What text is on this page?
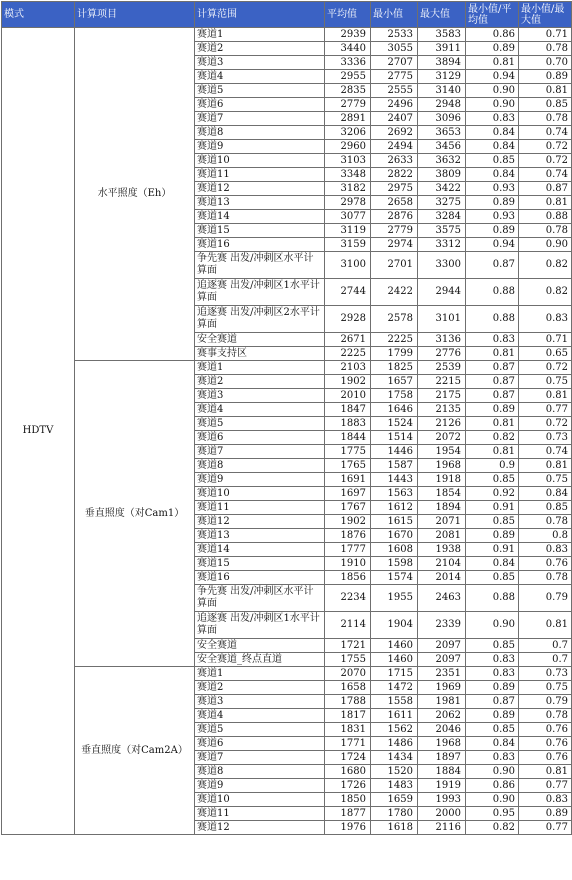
模式	计算项目	计算范围	平均值	最小值	最大值	最小值/平均值	最小值/最大值
HDTV	水平照度（Eh）	赛道1	2939	2533	3583	0.86	0.71
		赛道2	3440	3055	3911	0.89	0.78
		赛道3	3336	2707	3894	0.81	0.70
		赛道4	2955	2775	3129	0.94	0.89
		赛道5	2835	2555	3140	0.90	0.81
		赛道6	2779	2496	2948	0.90	0.85
		赛道7	2891	2407	3096	0.83	0.78
		赛道8	3206	2692	3653	0.84	0.74
		赛道9	2960	2494	3456	0.84	0.72
		赛道10	3103	2633	3632	0.85	0.72
		赛道11	3348	2822	3809	0.84	0.74
		赛道12	3182	2975	3422	0.93	0.87
		赛道13	2978	2658	3275	0.89	0.81
		赛道14	3077	2876	3284	0.93	0.88
		赛道15	3119	2779	3575	0.89	0.78
		赛道16	3159	2974	3312	0.94	0.90
		争先赛 出发/冲刺区水平计算面	3100	2701	3300	0.87	0.82
		追逐赛 出发/冲刺区1水平计算面	2744	2422	2944	0.88	0.82
		追逐赛 出发/冲刺区2水平计算面	2928	2578	3101	0.88	0.83
		安全赛道	2671	2225	3136	0.83	0.71
		赛事支持区	2225	1799	2776	0.81	0.65
	垂直照度（对Cam1）	赛道1	2103	1825	2539	0.87	0.72
		赛道2	1902	1657	2215	0.87	0.75
		赛道3	2010	1758	2175	0.87	0.81
		赛道4	1847	1646	2135	0.89	0.77
		赛道5	1883	1524	2126	0.81	0.72
		赛道6	1844	1514	2072	0.82	0.73
		赛道7	1775	1446	1954	0.81	0.74
		赛道8	1765	1587	1968	0.9	0.81
		赛道9	1691	1443	1918	0.85	0.75
		赛道10	1697	1563	1854	0.92	0.84
		赛道11	1767	1612	1894	0.91	0.85
		赛道12	1902	1615	2071	0.85	0.78
		赛道13	1876	1670	2081	0.89	0.8
		赛道14	1777	1608	1938	0.91	0.83
		赛道15	1910	1598	2104	0.84	0.76
		赛道16	1856	1574	2014	0.85	0.78
		争先赛 出发/冲刺区水平计算面	2234	1955	2463	0.88	0.79
		追逐赛 出发/冲刺区1水平计算面	2114	1904	2339	0.90	0.81
		安全赛道	1721	1460	2097	0.85	0.7
		安全赛道_终点直道	1755	1460	2097	0.83	0.7
	垂直照度（对Cam2A）	赛道1	2070	1715	2351	0.83	0.73
		赛道2	1658	1472	1969	0.89	0.75
		赛道3	1788	1558	1981	0.87	0.79
		赛道4	1817	1611	2062	0.89	0.78
		赛道5	1831	1562	2046	0.85	0.76
		赛道6	1771	1486	1968	0.84	0.76
		赛道7	1724	1434	1897	0.83	0.76
		赛道8	1680	1520	1884	0.90	0.81
		赛道9	1726	1483	1919	0.86	0.77
		赛道10	1850	1659	1993	0.90	0.83
		赛道11	1877	1780	2000	0.95	0.89
		赛道12	1976	1618	2116	0.82	0.77
